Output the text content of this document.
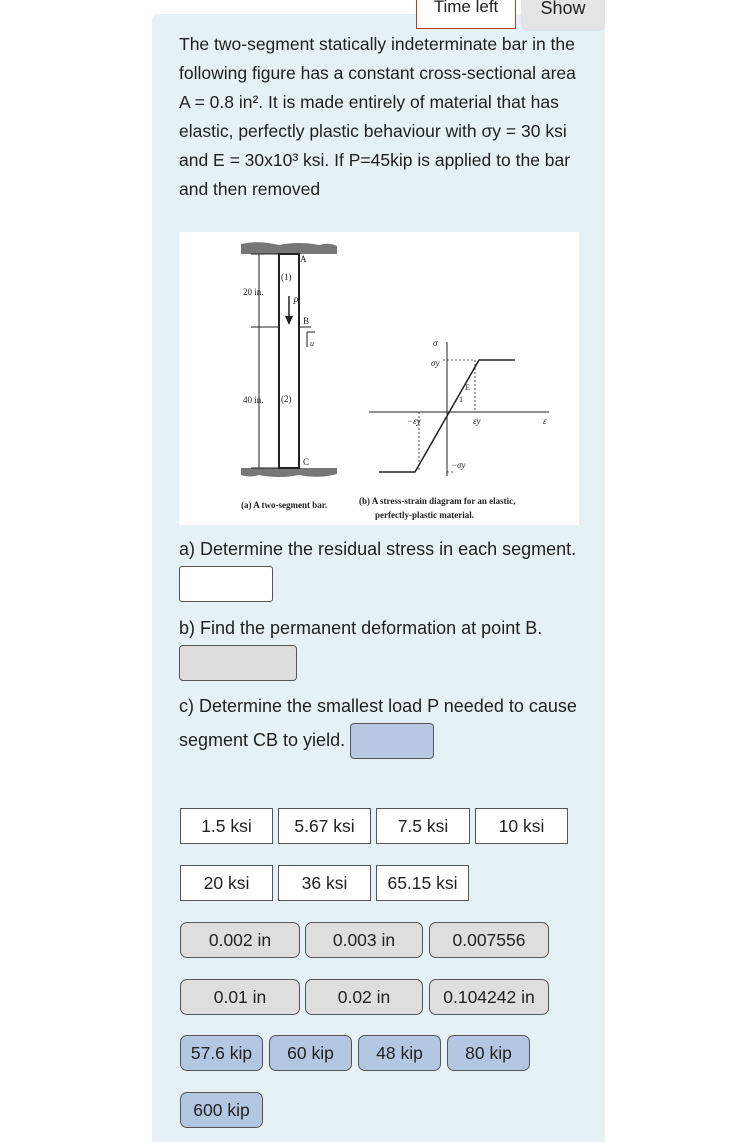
Time left	Show

The two-segment statically indeterminate bar in the following figure has a constant cross-sectional area A = 0.8 in². It is made entirely of material that has elastic, perfectly plastic behaviour with σy = 30 ksi and E = 30x10³ ksi. If P=45kip is applied to the bar and then removed

A
(1)
P
B
u
(2)
C
20 in.
40 in.
σ
σy
−σy
ε
εy
−εy
E
1
(a) A two-segment bar.	(b) A stress-strain diagram for an elastic,
perfectly-plastic material.

a) Determine the residual stress in each segment.

b) Find the permanent deformation at point B.

c) Determine the smallest load P needed to cause segment CB to yield.

1.5 ksi	5.67 ksi	7.5 ksi	10 ksi
20 ksi	36 ksi	65.15 ksi
0.002 in	0.003 in	0.007556
0.01 in	0.02 in	0.104242 in
57.6 kip	60 kip	48 kip	80 kip
600 kip
